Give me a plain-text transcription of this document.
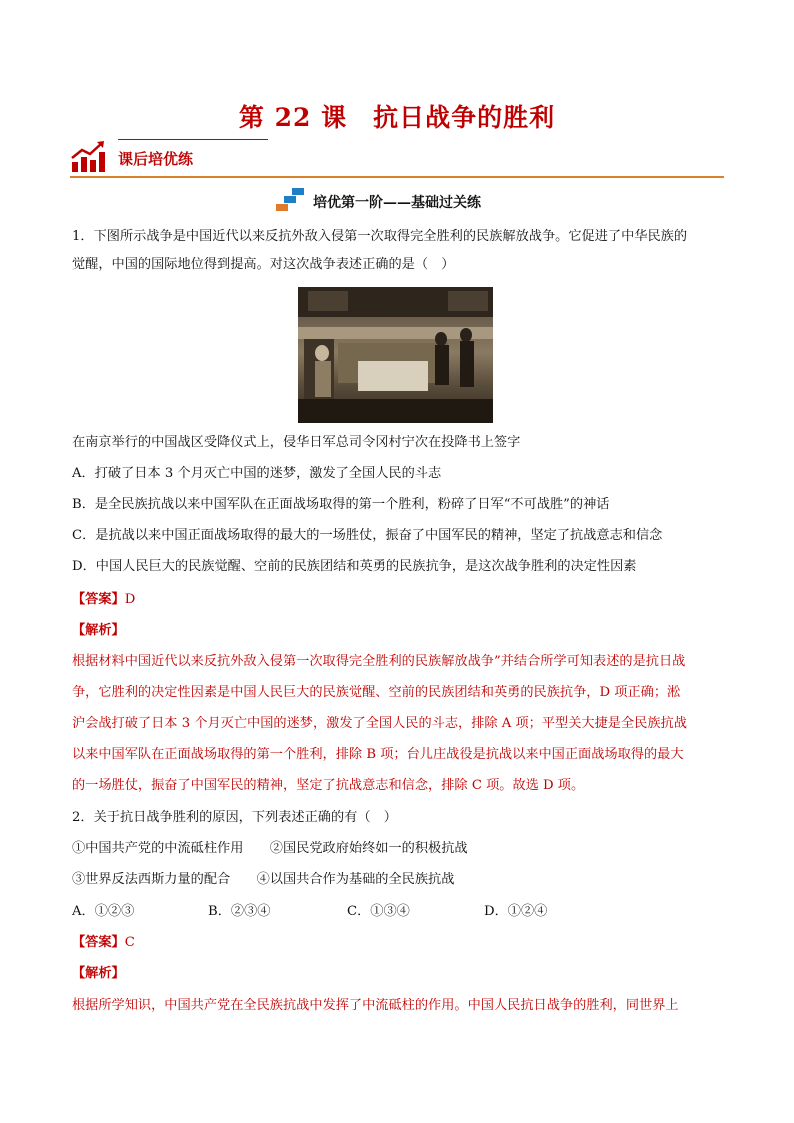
第 22 课　抗日战争的胜利
课后培优练
培优第一阶——基础过关练
1．下图所示战争是中国近代以来反抗外敌入侵第一次取得完全胜利的民族解放战争。它促进了中华民族的
觉醒，中国的国际地位得到提高。对这次战争表述正确的是（　）
在南京举行的中国战区受降仪式上，侵华日军总司令冈村宁次在投降书上签字
A．打破了日本 3 个月灭亡中国的迷梦，激发了全国人民的斗志
B．是全民族抗战以来中国军队在正面战场取得的第一个胜利，粉碎了日军“不可战胜”的神话
C．是抗战以来中国正面战场取得的最大的一场胜仗，振奋了中国军民的精神，坚定了抗战意志和信念
D．中国人民巨大的民族觉醒、空前的民族团结和英勇的民族抗争，是这次战争胜利的决定性因素
【答案】D
【解析】
根据材料中国近代以来反抗外敌入侵第一次取得完全胜利的民族解放战争”并结合所学可知表述的是抗日战
争，它胜利的决定性因素是中国人民巨大的民族觉醒、空前的民族团结和英勇的民族抗争，D 项正确；淞
沪会战打破了日本 3 个月灭亡中国的迷梦，激发了全国人民的斗志，排除 A 项；平型关大捷是全民族抗战
以来中国军队在正面战场取得的第一个胜利，排除 B 项；台儿庄战役是抗战以来中国正面战场取得的最大
的一场胜仗，振奋了中国军民的精神，坚定了抗战意志和信念，排除 C 项。故选 D 项。
2．关于抗日战争胜利的原因，下列表述正确的有（　）
①中国共产党的中流砥柱作用　　②国民党政府始终如一的积极抗战
③世界反法西斯力量的配合　　④以国共合作为基础的全民族抗战
A．①②③	B．②③④	C．①③④	D．①②④
【答案】C
【解析】
根据所学知识，中国共产党在全民族抗战中发挥了中流砥柱的作用。中国人民抗日战争的胜利，同世界上
